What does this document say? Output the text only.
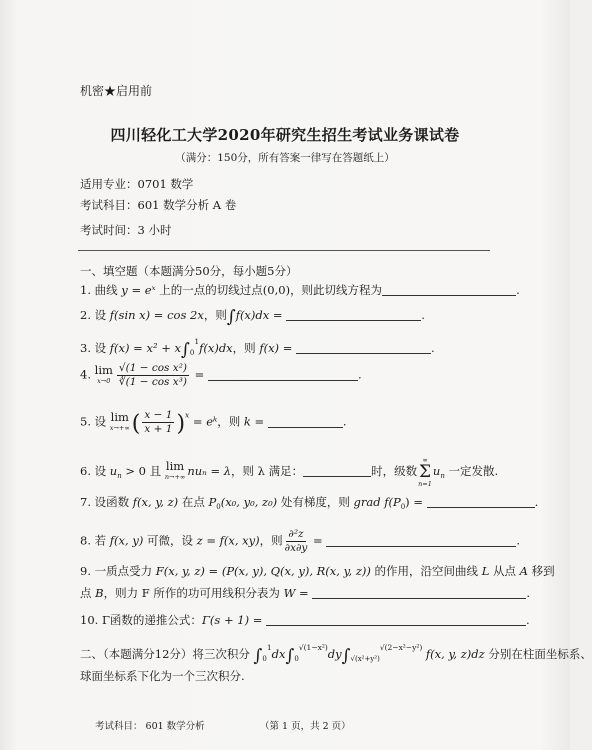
机密★启用前
四川轻化工大学2020年研究生招生考试业务课试卷
（满分：150分，所有答案一律写在答题纸上）
适用专业：0701 数学
考试科目：601 数学分析 A 卷
考试时间：3 小时
一、填空题（本题满分50分，每小题5分）
1. 曲线 y = eˣ 上的一点的切线过点(0,0)，则此切线方程为	.
2. 设 f(sin x) = cos 2x，则∫f(x)dx =	.
3. 设 $f(x) = x^2 + x\int_0^1f(x)dx$，则 f(x) =	.
4. lim
$x\to 0 \frac{\text{√(1 − cos x²)}}{\text{∛(1 − cos x³)}}$ =	.
5. 设 lim
x→+∞ ( $\frac{x - 1}{x + 1} )^x$ = eᵏ，则 k =	.
6. 设 $u_n > 0$ 且 lim
n→+∞ nuₙ = λ，则 λ 满足：	时，级数
∞
Σ
n=1
$u_n$ 一定发散.
7. 设函数 f(x, y, z) 在点 $P_0(x_0$, y₀, z₀) 处有梯度，则 grad $f(P_0)$ =	.
8. 若 f(x, y) 可微，设 z = f(x, xy)，则 $\frac{\text{∂²z}}{\partial x\partial y}$ =	.
9. 一质点受力 F(x, y, z) = (P(x, y), Q(x, y), R(x, y, z)) 的作用，沿空间曲线 L 从点 A 移到
点 B，则力 F 所作的功可用线积分表为 W =	.
10. Γ函数的递推公式：Γ(s + 1) =	.
二、（本题满分12分）将三次积分 $\int_0^1dx\int_0^{√(1-x^2)}dy\int_{√(x^2+y^2)}^{√(2-x^2-y^2)}$ f(x, y, z)dz 分别在柱面坐标系、
球面坐标系下化为一个三次积分.
考试科目： 601 数学分析	（第 1 页，共 2 页）
